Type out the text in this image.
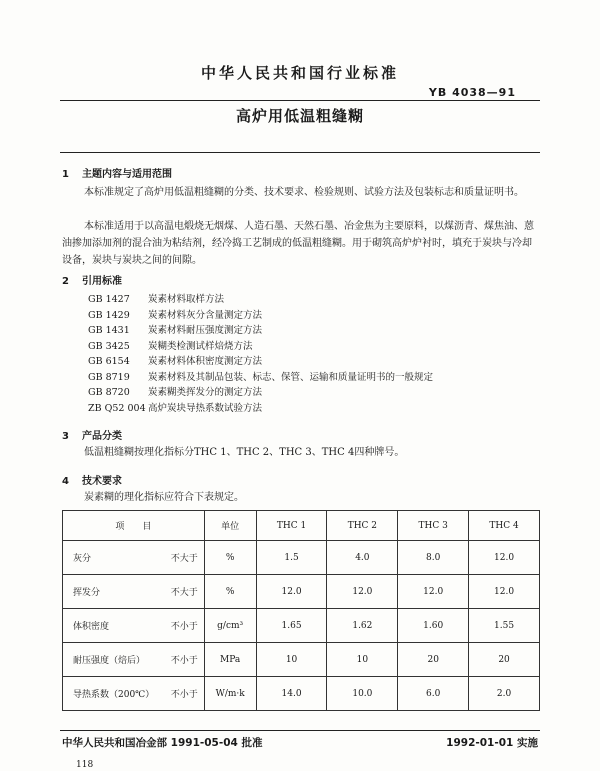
中华人民共和国行业标准
YB 4038—91
高炉用低温粗缝糊
1 主题内容与适用范围
本标准规定了高炉用低温粗缝糊的分类、技术要求、检验规则、试验方法及包装标志和质量证明书。
本标准适用于以高温电煅烧无烟煤、人造石墨、天然石墨、冶金焦为主要原料，以煤沥青、煤焦油、蒽油掺加添加剂的混合油为粘结剂，经冷捣工艺制成的低温粗缝糊。用于砌筑高炉炉衬时，填充于炭块与冷却设备，炭块与炭块之间的间隙。
2 引用标准
GB 1427 炭素材料取样方法
GB 1429 炭素材料灰分含量测定方法
GB 1431 炭素材料耐压强度测定方法
GB 3425 炭糊类检测试样焙烧方法
GB 6154 炭素材料体积密度测定方法
GB 8719 炭素材料及其制品包装、标志、保管、运输和质量证明书的一般规定
GB 8720 炭素糊类挥发分的测定方法
ZB Q52 004 高炉炭块导热系数试验方法
3 产品分类
低温粗缝糊按理化指标分THC 1、THC 2、THC 3、THC 4四种牌号。
4 技术要求
炭素糊的理化指标应符合下表规定。
项　　目	单位	THC 1	THC 2	THC 3	THC 4
灰分 不大于	%	1.5	4.0	8.0	12.0
挥发分 不大于	%	12.0	12.0	12.0	12.0
体积密度 不小于	g/cm³	1.65	1.62	1.60	1.55
耐压强度（焙后） 不小于	MPa	10	10	20	20
导热系数（200℃） 不小于	W/m·k	14.0	10.0	6.0	2.0
中华人民共和国冶金部 1991-05-04 批准	1992-01-01 实施
118
